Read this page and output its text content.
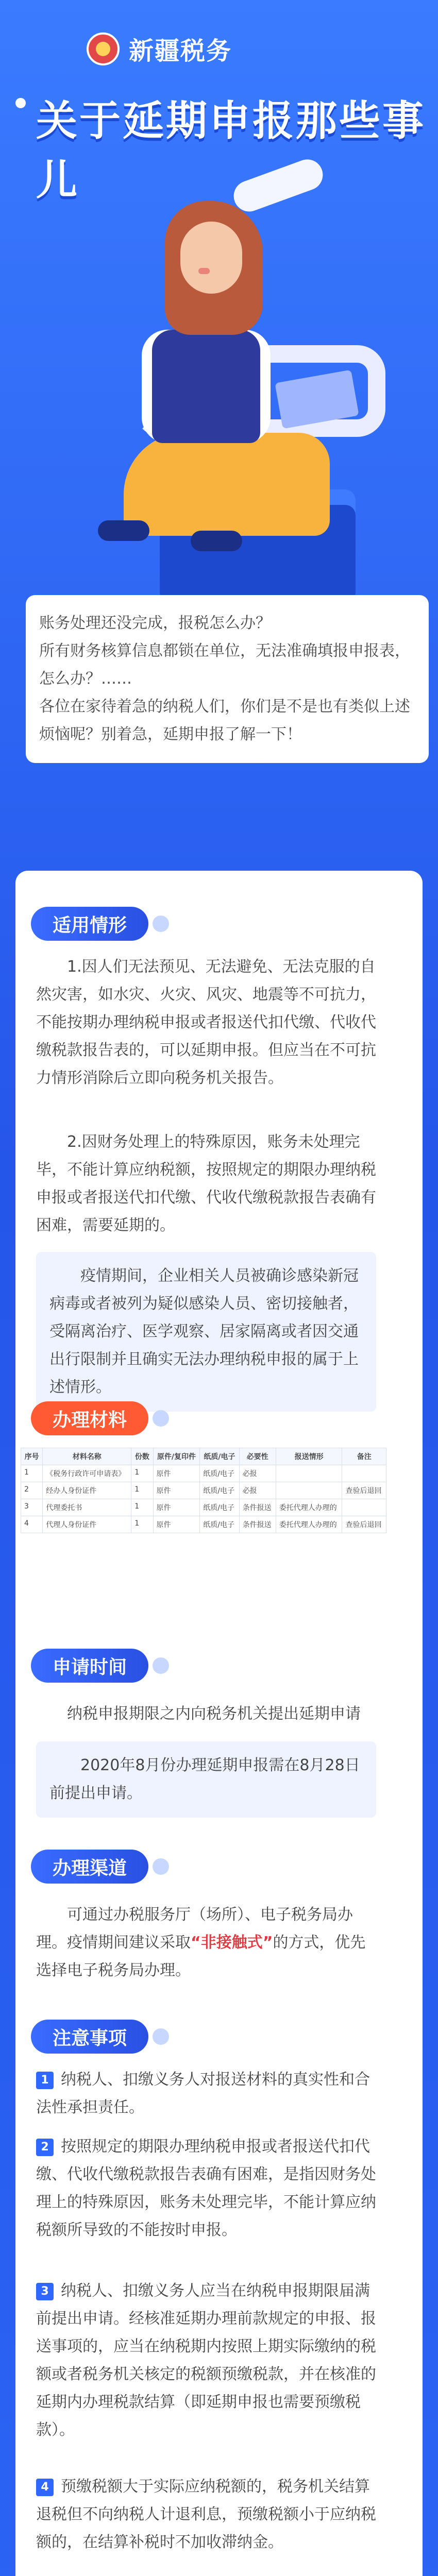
新疆税务
关于延期申报那些事儿

账务处理还没完成，报税怎么办？

所有财务核算信息都锁在单位，无法准确填报申报表，怎么办？……

各位在家待着急的纳税人们，你们是不是也有类似上述烦恼呢？别着急，延期申报了解一下！

适用情形

1.因人们无法预见、无法避免、无法克服的自然灾害，如水灾、火灾、风灾、地震等不可抗力，不能按期办理纳税申报或者报送代扣代缴、代收代缴税款报告表的，可以延期申报。但应当在不可抗力情形消除后立即向税务机关报告。

2.因财务处理上的特殊原因，账务未处理完毕，不能计算应纳税额，按照规定的期限办理纳税申报或者报送代扣代缴、代收代缴税款报告表确有困难，需要延期的。

疫情期间，企业相关人员被确诊感染新冠病毒或者被列为疑似感染人员、密切接触者，受隔离治疗、医学观察、居家隔离或者因交通出行限制并且确实无法办理纳税申报的属于上述情形。
办理材料
序号	材料名称	份数	原件/复印件	纸质/电子	必要性	报送情形	备注
1	《税务行政许可申请表》	1	原件	纸质/电子	必报		
2	经办人身份证件	1	原件	纸质/电子	必报		查验后退回
3	代理委托书	1	原件	纸质/电子	条件报送	委托代理人办理的	
4	代理人身份证件	1	原件	纸质/电子	条件报送	委托代理人办理的	查验后退回
申请时间

纳税申报期限之内向税务机关提出延期申请

2020年8月份办理延期申报需在8月28日前提出申请。
办理渠道

可通过办税服务厅（场所）、电子税务局办理。疫情期间建议采取“非接触式”的方式，优先选择电子税务局办理。

注意事项
1 纳税人、扣缴义务人对报送材料的真实性和合法性承担责任。
2 按照规定的期限办理纳税申报或者报送代扣代缴、代收代缴税款报告表确有困难，是指因财务处理上的特殊原因，账务未处理完毕，不能计算应纳税额所导致的不能按时申报。
3 纳税人、扣缴义务人应当在纳税申报期限届满前提出申请。经核准延期办理前款规定的申报、报送事项的，应当在纳税期内按照上期实际缴纳的税额或者税务机关核定的税额预缴税款，并在核准的延期内办理税款结算（即延期申报也需要预缴税款）。
4 预缴税额大于实际应纳税额的，税务机关结算退税但不向纳税人计退利息，预缴税额小于应纳税额的，在结算补税时不加收滞纳金。
